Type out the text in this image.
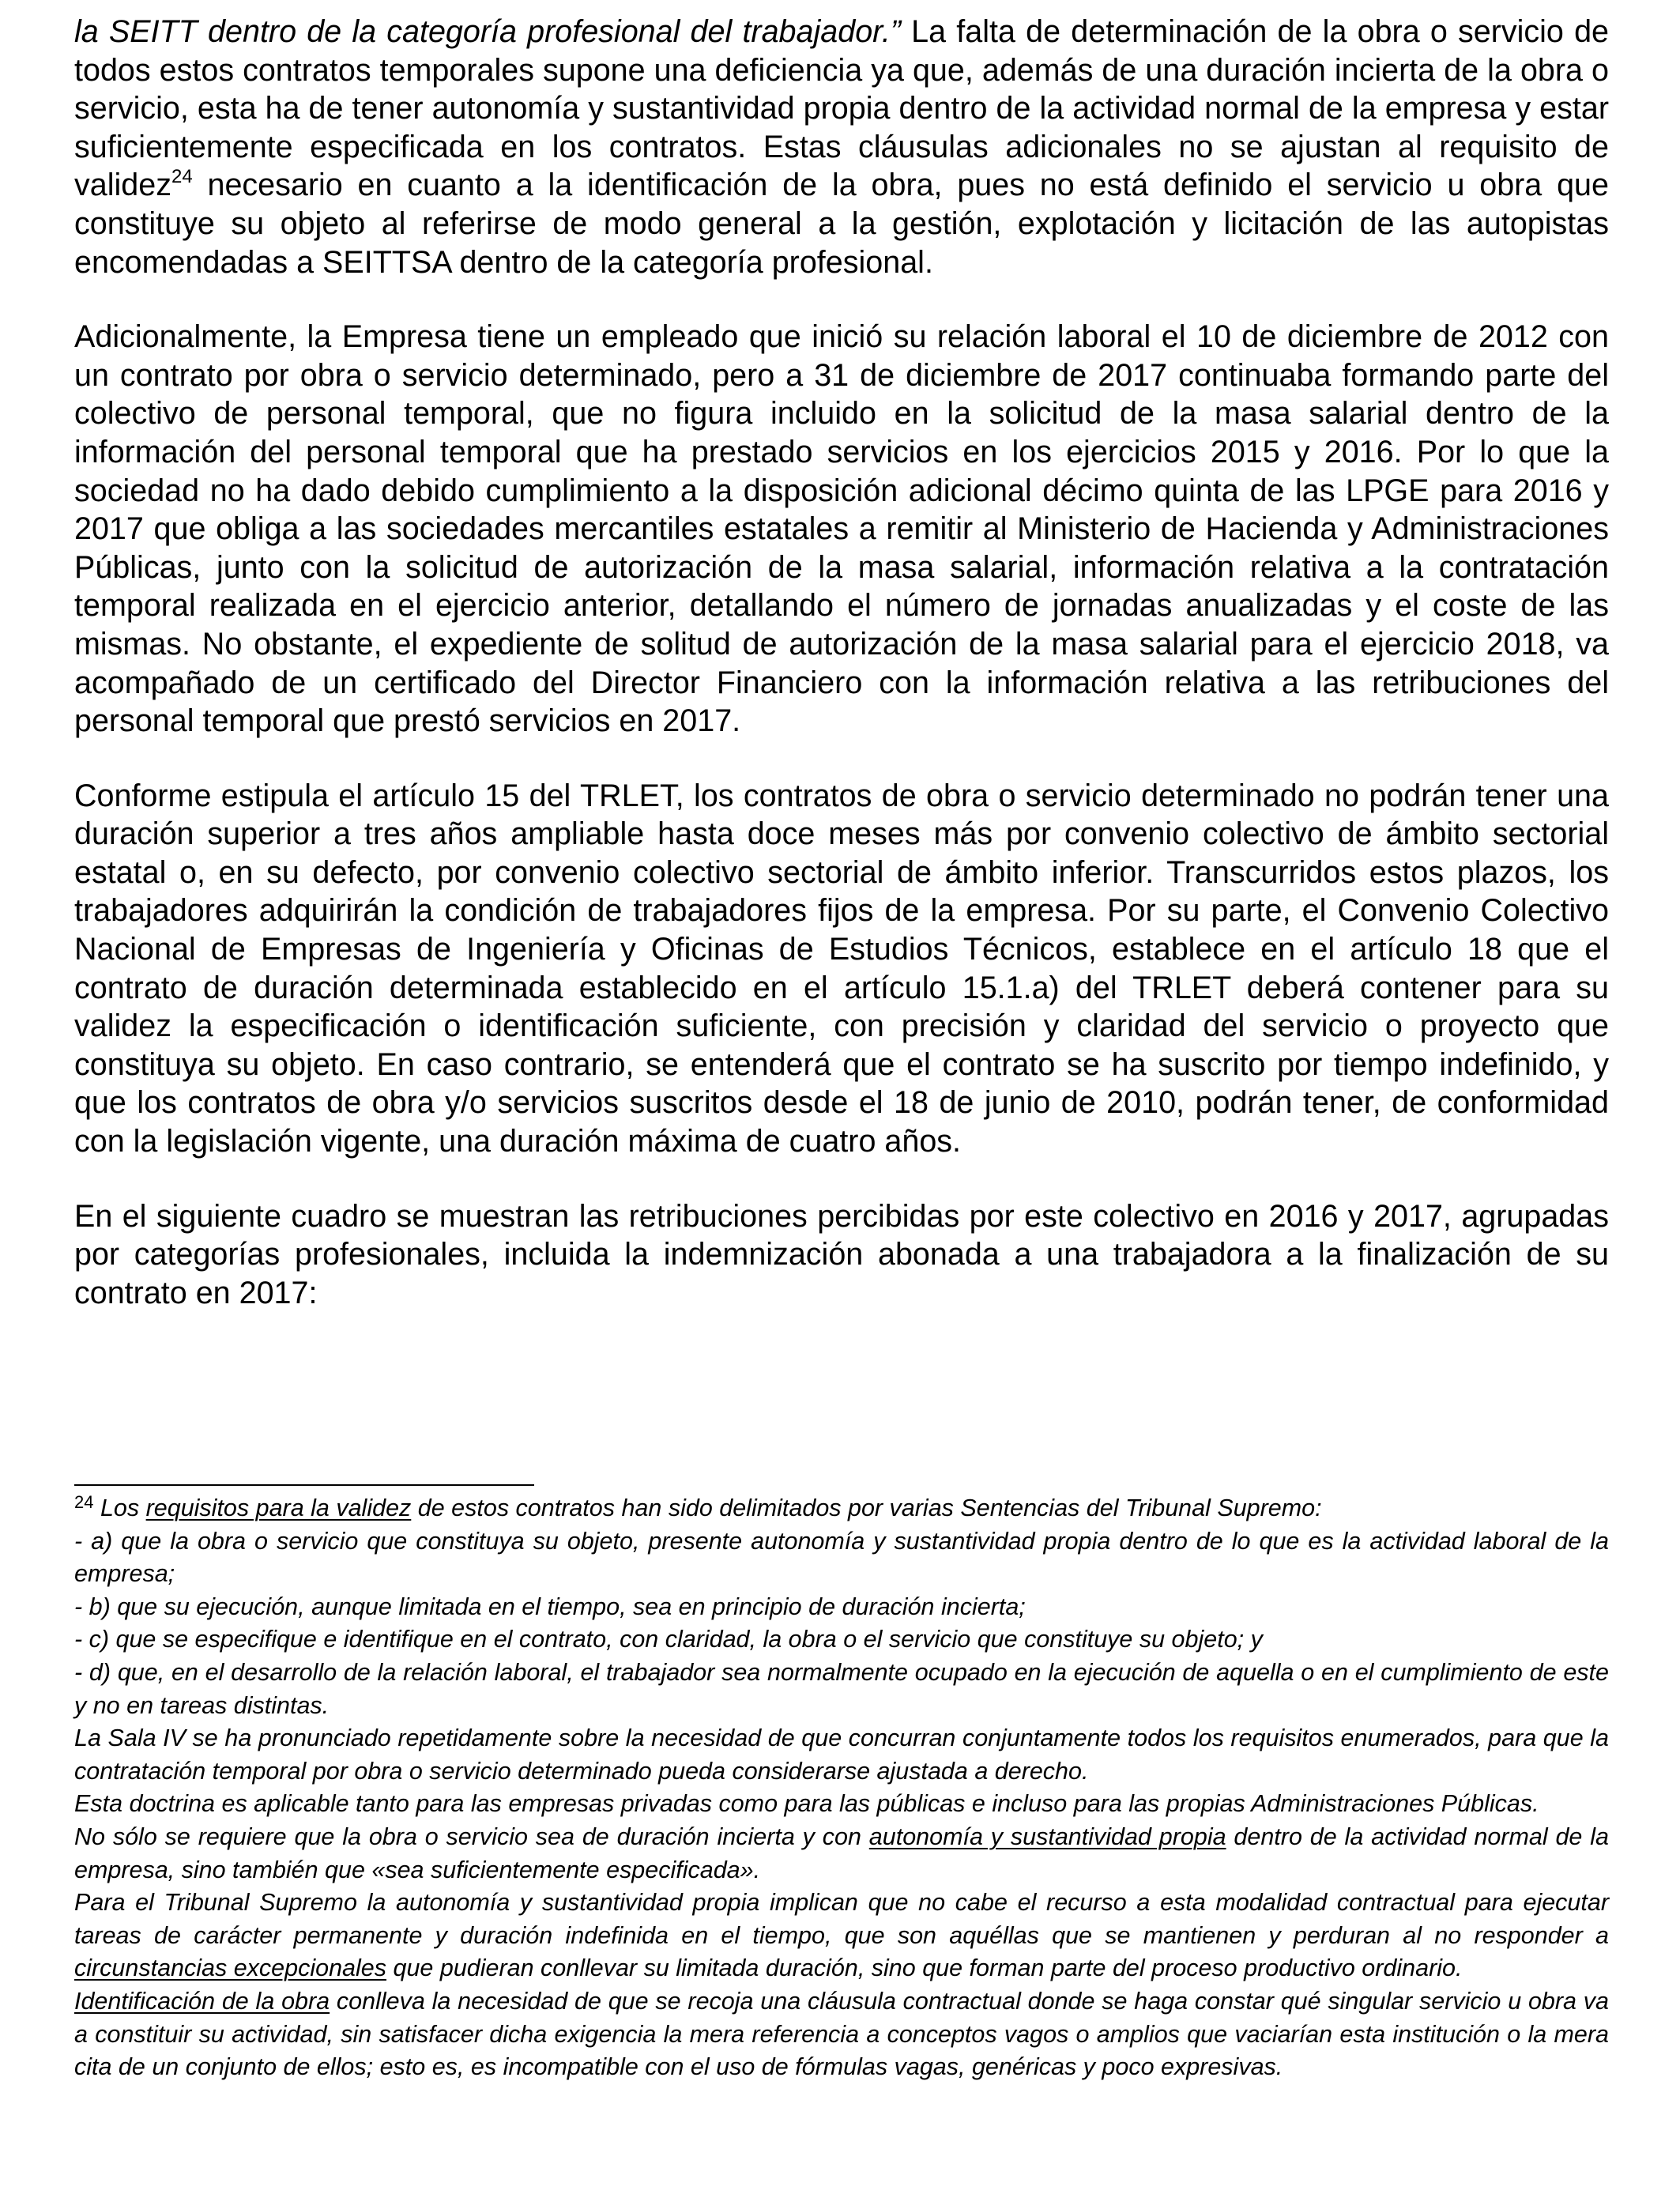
la SEITT dentro de la categoría profesional del trabajador.” La falta de determinación de la obra o servicio de todos estos contratos temporales supone una deficiencia ya que, además de una duración incierta de la obra o servicio, esta ha de tener autonomía y sustantividad propia dentro de la actividad normal de la empresa y estar suficientemente especificada en los contratos. Estas cláusulas adicionales no se ajustan al requisito de validez$^{24}$ necesario en cuanto a la identificación de la obra, pues no está definido el servicio u obra que constituye su objeto al referirse de modo general a la gestión, explotación y licitación de las autopistas encomendadas a SEITTSA dentro de la categoría profesional.

Adicionalmente, la Empresa tiene un empleado que inició su relación laboral el 10 de diciembre de 2012 con un contrato por obra o servicio determinado, pero a 31 de diciembre de 2017 continuaba formando parte del colectivo de personal temporal, que no figura incluido en la solicitud de la masa salarial dentro de la información del personal temporal que ha prestado servicios en los ejercicios 2015 y 2016. Por lo que la sociedad no ha dado debido cumplimiento a la disposición adicional décimo quinta de las LPGE para 2016 y 2017 que obliga a las sociedades mercantiles estatales a remitir al Ministerio de Hacienda y Administraciones Públicas, junto con la solicitud de autorización de la masa salarial, información relativa a la contratación temporal realizada en el ejercicio anterior, detallando el número de jornadas anualizadas y el coste de las mismas. No obstante, el expediente de solitud de autorización de la masa salarial para el ejercicio 2018, va acompañado de un certificado del Director Financiero con la información relativa a las retribuciones del personal temporal que prestó servicios en 2017.

Conforme estipula el artículo 15 del TRLET, los contratos de obra o servicio determinado no podrán tener una duración superior a tres años ampliable hasta doce meses más por convenio colectivo de ámbito sectorial estatal o, en su defecto, por convenio colectivo sectorial de ámbito inferior. Transcurridos estos plazos, los trabajadores adquirirán la condición de trabajadores fijos de la empresa. Por su parte, el Convenio Colectivo Nacional de Empresas de Ingeniería y Oficinas de Estudios Técnicos, establece en el artículo 18 que el contrato de duración determinada establecido en el artículo 15.1.a) del TRLET deberá contener para su validez la especificación o identificación suficiente, con precisión y claridad del servicio o proyecto que constituya su objeto. En caso contrario, se entenderá que el contrato se ha suscrito por tiempo indefinido, y que los contratos de obra y/o servicios suscritos desde el 18 de junio de 2010, podrán tener, de conformidad con la legislación vigente, una duración máxima de cuatro años.

En el siguiente cuadro se muestran las retribuciones percibidas por este colectivo en 2016 y 2017, agrupadas por categorías profesionales, incluida la indemnización abonada a una trabajadora a la finalización de su contrato en 2017:

$^{24}$ Los requisitos para la validez de estos contratos han sido delimitados por varias Sentencias del Tribunal Supremo:

- a) que la obra o servicio que constituya su objeto, presente autonomía y sustantividad propia dentro de lo que es la actividad laboral de la empresa;

- b) que su ejecución, aunque limitada en el tiempo, sea en principio de duración incierta;

- c) que se especifique e identifique en el contrato, con claridad, la obra o el servicio que constituye su objeto; y

- d) que, en el desarrollo de la relación laboral, el trabajador sea normalmente ocupado en la ejecución de aquella o en el cumplimiento de este y no en tareas distintas.

La Sala IV se ha pronunciado repetidamente sobre la necesidad de que concurran conjuntamente todos los requisitos enumerados, para que la contratación temporal por obra o servicio determinado pueda considerarse ajustada a derecho.

Esta doctrina es aplicable tanto para las empresas privadas como para las públicas e incluso para las propias Administraciones Públicas.

No sólo se requiere que la obra o servicio sea de duración incierta y con autonomía y sustantividad propia dentro de la actividad normal de la empresa, sino también que «sea suficientemente especificada».

Para el Tribunal Supremo la autonomía y sustantividad propia implican que no cabe el recurso a esta modalidad contractual para ejecutar tareas de carácter permanente y duración indefinida en el tiempo, que son aquéllas que se mantienen y perduran al no responder a circunstancias excepcionales que pudieran conllevar su limitada duración, sino que forman parte del proceso productivo ordinario.

Identificación de la obra conlleva la necesidad de que se recoja una cláusula contractual donde se haga constar qué singular servicio u obra va a constituir su actividad, sin satisfacer dicha exigencia la mera referencia a conceptos vagos o amplios que vaciarían esta institución o la mera cita de un conjunto de ellos; esto es, es incompatible con el uso de fórmulas vagas, genéricas y poco expresivas.
